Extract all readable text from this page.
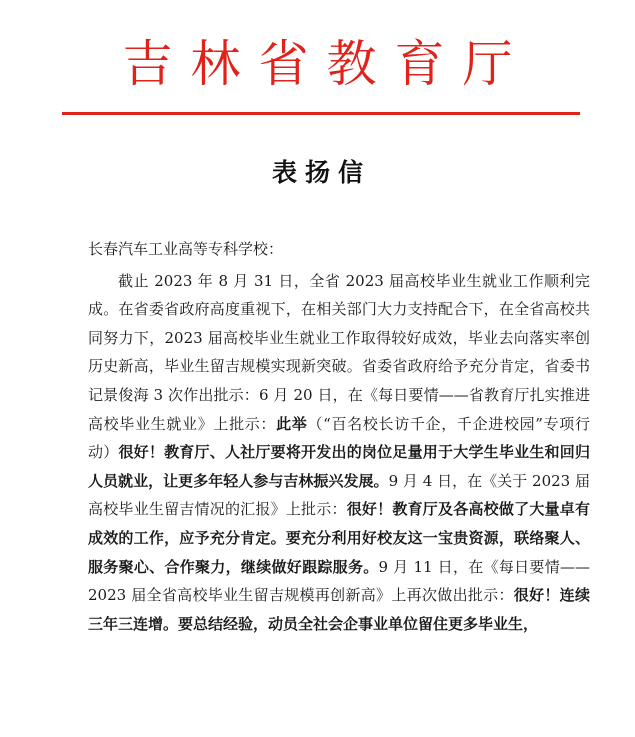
吉林省教育厅
表扬信

长春汽车工业高等专科学校：

截止 2023 年 8 月 31 日，全省 2023 届高校毕业生就业工作顺利完成。在省委省政府高度重视下，在相关部门大力支持配合下，在全省高校共同努力下，2023 届高校毕业生就业工作取得较好成效，毕业去向落实率创历史新高，毕业生留吉规模实现新突破。省委省政府给予充分肯定，省委书记景俊海 3 次作出批示：6 月 20 日，在《每日要情——省教育厅扎实推进高校毕业生就业》上批示：此举（“百名校长访千企，千企进校园”专项行动）很好！教育厅、人社厅要将开发出的岗位足量用于大学生毕业生和回归人员就业，让更多年轻人参与吉林振兴发展。9 月 4 日，在《关于 2023 届高校毕业生留吉情况的汇报》上批示：很好！教育厅及各高校做了大量卓有成效的工作，应予充分肯定。要充分利用好校友这一宝贵资源，联络聚人、服务聚心、合作聚力，继续做好跟踪服务。9 月 11 日，在《每日要情——2023 届全省高校毕业生留吉规模再创新高》上再次做出批示：很好！连续三年三连增。要总结经验，动员全社会企事业单位留住更多毕业生，
